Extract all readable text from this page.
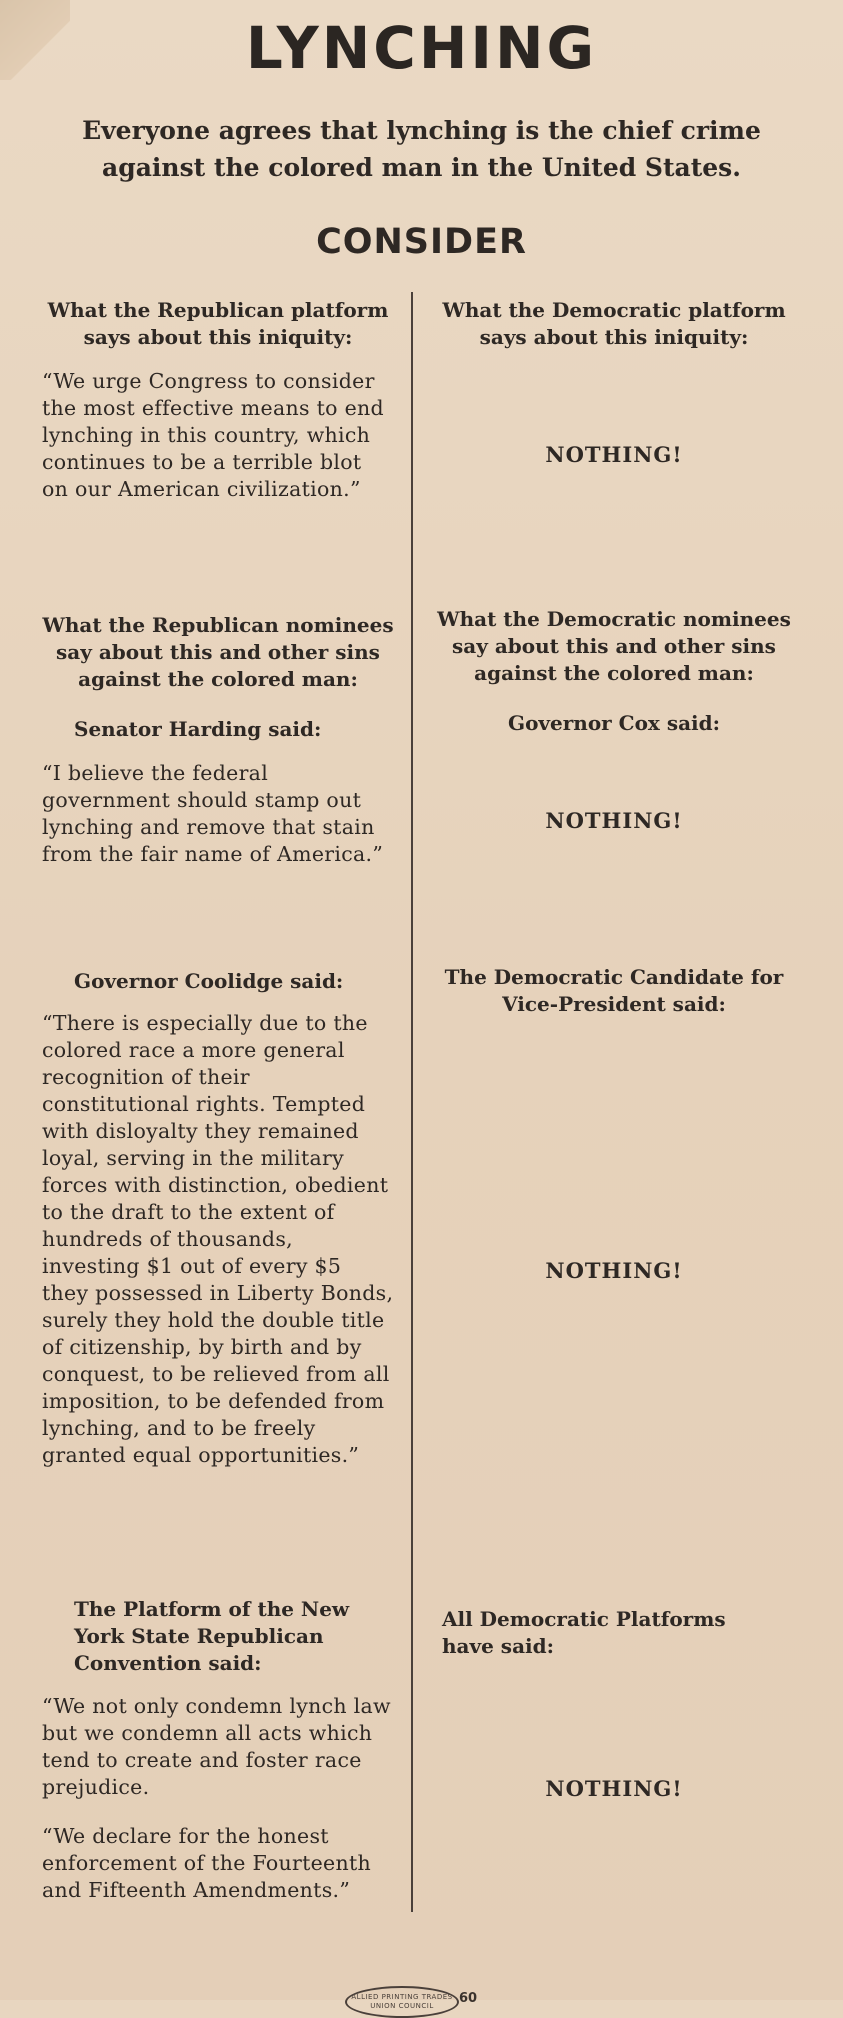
LYNCHING
Everyone agrees that lynching is the chief crime against the colored man in the United States.
CONSIDER
What the Republican platform says about this iniquity:
“We urge Congress to consider the most effective means to end lynching in this country, which continues to be a terrible blot on our American civilization.”
What the Republican nominees say about this and other sins against the colored man:
Senator Harding said:
“I believe the federal government should stamp out lynching and remove that stain from the fair name of America.”
Governor Coolidge said:
“There is especially due to the colored race a more general recognition of their constitutional rights. Tempted with disloyalty they remained loyal, serving in the military forces with distinction, obedient to the draft to the extent of hundreds of thousands, investing $1 out of every $5 they possessed in Liberty Bonds, surely they hold the double title of citizenship, by birth and by conquest, to be relieved from all imposition, to be defended from lynching, and to be freely granted equal opportunities.”
The Platform of the New York State Republican Convention said:
“We not only condemn lynch law but we condemn all acts which tend to create and foster race prejudice.
“We declare for the honest enforcement of the Fourteenth and Fifteenth Amendments.”
What the Democratic platform says about this iniquity:
NOTHING!
What the Democratic nominees say about this and other sins against the colored man:
Governor Cox said:
NOTHING!
The Democratic Candidate for Vice-President said:
NOTHING!
All Democratic Platforms have said:
NOTHING!
ALLIED PRINTING TRADES UNION COUNCIL	60
